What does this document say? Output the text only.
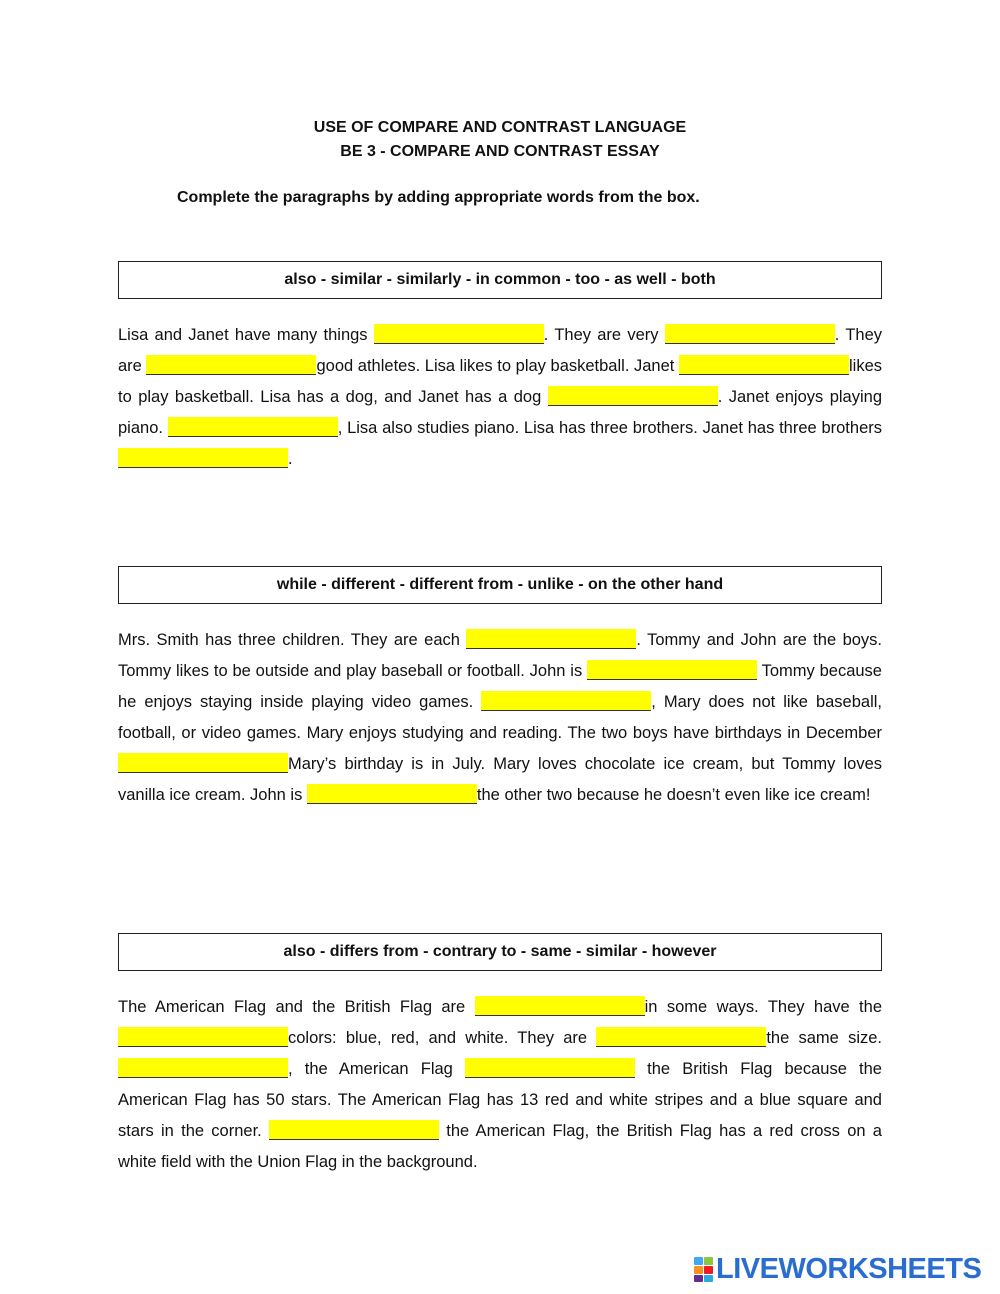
USE OF COMPARE AND CONTRAST LANGUAGE
BE 3 - COMPARE AND CONTRAST ESSAY
Complete the paragraphs by adding appropriate words from the box.
also - similar - similarly - in common - too - as well - both

Lisa and Janet have many things	. They are very	. They are	good athletes. Lisa likes to play basketball. Janet	likes to play basketball. Lisa has a dog, and Janet has a dog	. Janet enjoys playing piano.	, Lisa also studies piano. Lisa has three brothers. Janet has three brothers .

while - different - different from - unlike - on the other hand

Mrs. Smith has three children. They are each	. Tommy and John are the boys. Tommy likes to be outside and play baseball or football. John is	Tommy because he enjoys staying inside playing video games.	, Mary does not like baseball, football, or video games. Mary enjoys studying and reading. The two boys have birthdays in December Mary’s birthday is in July. Mary loves chocolate ice cream, but Tommy loves vanilla ice cream. John is	the other two because he doesn’t even like ice cream!

also - differs from - contrary to - same - similar - however

The American Flag and the British Flag are	in some ways. They have the colors: blue, red, and white. They are	the same size. , the American Flag	the British Flag because the American Flag has 50 stars. The American Flag has 13 red and white stripes and a blue square and stars in the corner.	the American Flag, the British Flag has a red cross on a white field with the Union Flag in the background.

LIVEWORKSHEETS
